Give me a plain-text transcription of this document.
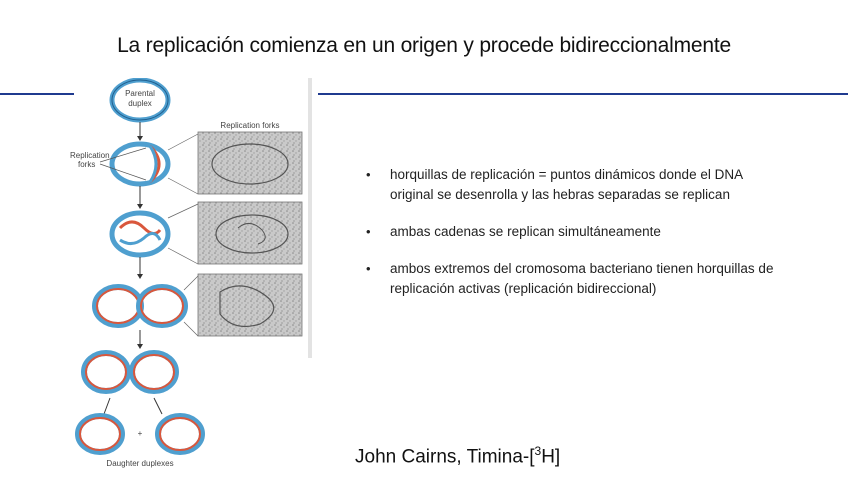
La replicación comienza en un origen y procede bidireccionalmente
Parental
duplex
Replication
forks
+
Daughter duplexes
Replication forks
• horquillas de replicación = puntos dinámicos donde el DNA original se desenrolla y las hebras separadas se replican
• ambas cadenas se replican simultáneamente
• ambos extremos del cromosoma bacteriano tienen horquillas de replicación activas (replicación bidireccional)
John Cairns, Timina-[$^3$H]
